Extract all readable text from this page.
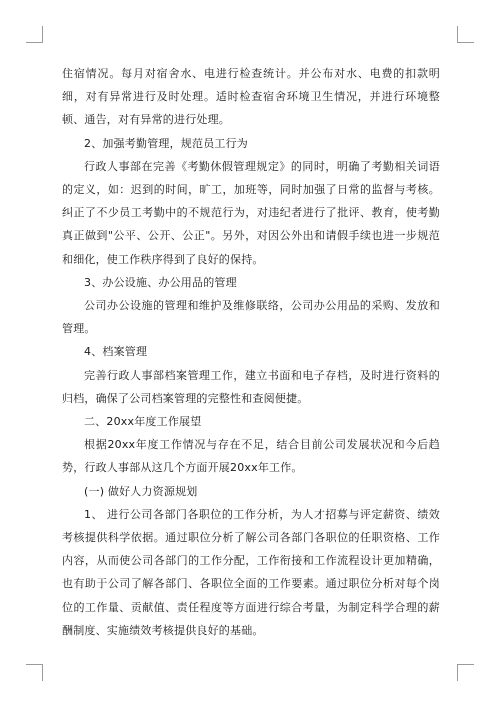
住宿情况。每月对宿舍水、电进行检查统计。并公布对水、电费的扣款明细，对有异常进行及时处理。适时检查宿舍环境卫生情况，并进行环境整顿、通告，对有异常的进行处理。

2、加强考勤管理，规范员工行为

行政人事部在完善《考勤休假管理规定》的同时，明确了考勤相关词语的定义，如：迟到的时间，旷工，加班等，同时加强了日常的监督与考核。纠正了不少员工考勤中的不规范行为，对违纪者进行了批评、教育，使考勤真正做到"公平、公开、公正"。另外，对因公外出和请假手续也进一步规范和细化，使工作秩序得到了良好的保持。

3、办公设施、办公用品的管理

公司办公设施的管理和维护及维修联络，公司办公用品的采购、发放和管理。

4、档案管理

完善行政人事部档案管理工作，建立书面和电子存档，及时进行资料的归档，确保了公司档案管理的完整性和查阅便捷。

二、20xx年度工作展望

根据20xx年度工作情况与存在不足，结合目前公司发展状况和今后趋势，行政人事部从这几个方面开展20xx年工作。

(一) 做好人力资源规划

1、 进行公司各部门各职位的工作分析，为人才招募与评定薪资、绩效考核提供科学依据。通过职位分析了解公司各部门各职位的任职资格、工作内容，从而使公司各部门的工作分配，工作衔接和工作流程设计更加精确，也有助于公司了解各部门、各职位全面的工作要素。通过职位分析对每个岗位的工作量、贡献值、责任程度等方面进行综合考量，为制定科学合理的薪酬制度、实施绩效考核提供良好的基础。
